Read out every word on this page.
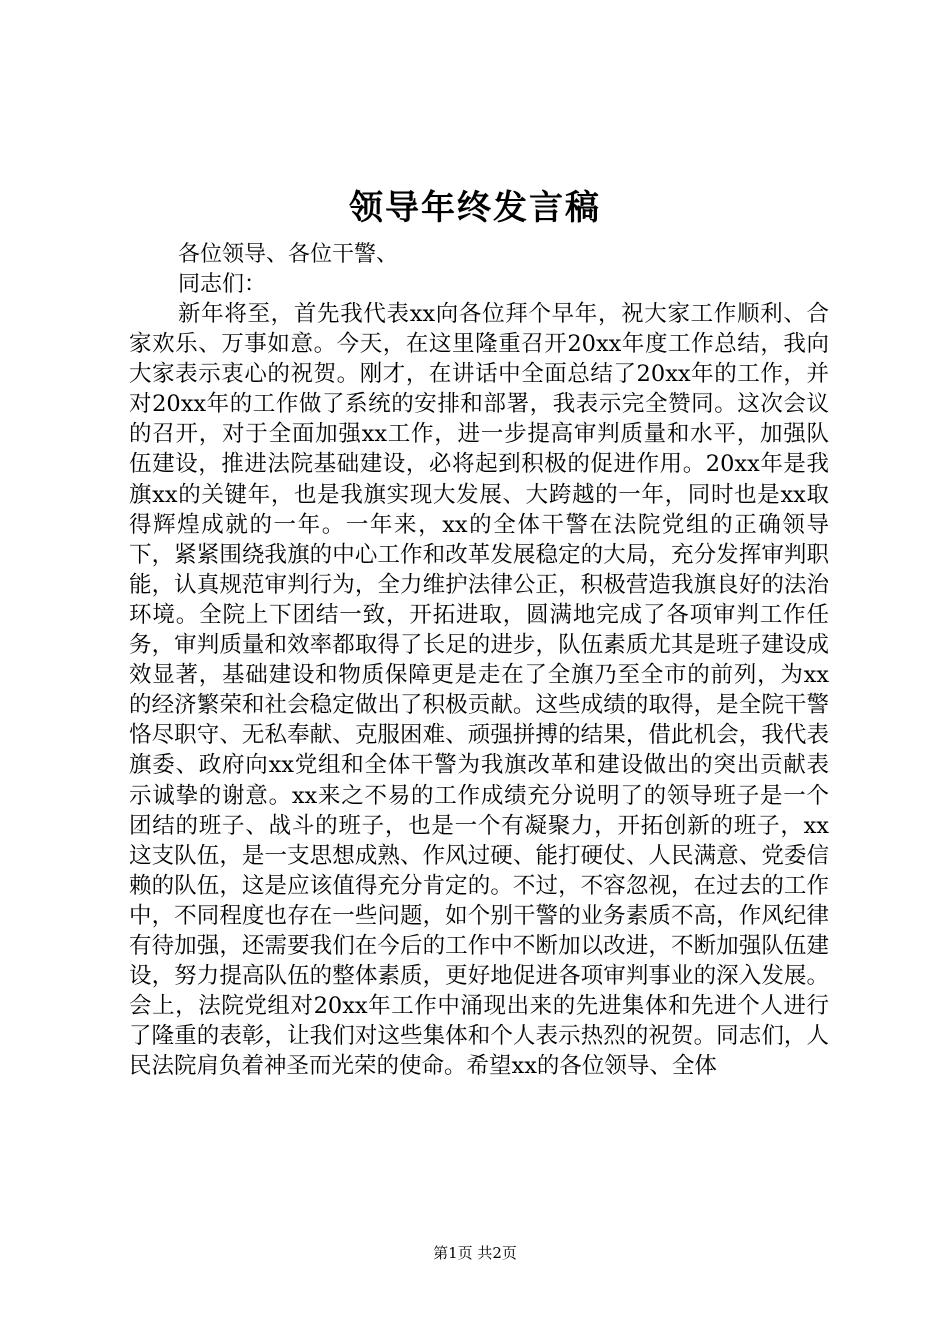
领导年终发言稿
各位领导、各位干警、
同志们：

新年将至，首先我代表xx向各位拜个早年，祝大家工作顺利、合家欢乐、万事如意。今天，在这里隆重召开20xx年度工作总结，我向大家表示衷心的祝贺。刚才，在讲话中全面总结了20xx年的工作，并对20xx年的工作做了系统的安排和部署，我表示完全赞同。这次会议的召开，对于全面加强xx工作，进一步提高审判质量和水平，加强队伍建设，推进法院基础建设，必将起到积极的促进作用。20xx年是我旗xx的关键年，也是我旗实现大发展、大跨越的一年，同时也是xx取得辉煌成就的一年。一年来，xx的全体干警在法院党组的正确领导下，紧紧围绕我旗的中心工作和改革发展稳定的大局，充分发挥审判职能，认真规范审判行为，全力维护法律公正，积极营造我旗良好的法治环境。全院上下团结一致，开拓进取，圆满地完成了各项审判工作任务，审判质量和效率都取得了长足的进步，队伍素质尤其是班子建设成效显著，基础建设和物质保障更是走在了全旗乃至全市的前列，为xx的经济繁荣和社会稳定做出了积极贡献。这些成绩的取得，是全院干警恪尽职守、无私奉献、克服困难、顽强拼搏的结果，借此机会，我代表旗委、政府向xx党组和全体干警为我旗改革和建设做出的突出贡献表示诚挚的谢意。xx来之不易的工作成绩充分说明了的领导班子是一个团结的班子、战斗的班子，也是一个有凝聚力，开拓创新的班子，xx这支队伍，是一支思想成熟、作风过硬、能打硬仗、人民满意、党委信赖的队伍，这是应该值得充分肯定的。不过，不容忽视，在过去的工作中，不同程度也存在一些问题，如个别干警的业务素质不高，作风纪律有待加强，还需要我们在今后的工作中不断加以改进，不断加强队伍建设，努力提高队伍的整体素质，更好地促进各项审判事业的深入发展。会上，法院党组对20xx年工作中涌现出来的先进集体和先进个人进行了隆重的表彰，让我们对这些集体和个人表示热烈的祝贺。同志们，人民法院肩负着神圣而光荣的使命。希望xx的各位领导、全体

第1页 共2页
